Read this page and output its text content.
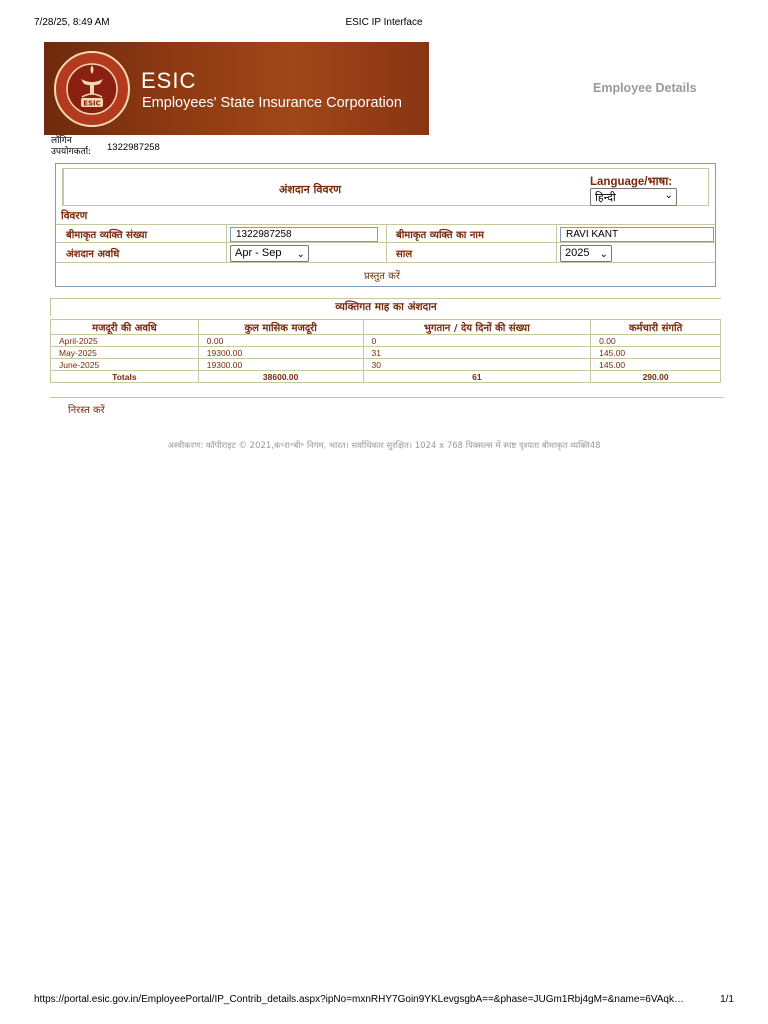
7/28/25, 8:49 AM	ESIC IP Interface
ESIC
ESIC
Employees' State Insurance Corporation
Employee Details
लॉगिन
उपयोगकर्ता: 1322987258
अंशदान विवरण
Language/भाषा:
हिन्दी	⌄
विवरण
बीमाकृत व्यक्ति संख्या	1322987258	बीमाकृत व्यक्ति का नाम	RAVI KANT
अंशदान अवधि	Apr - Sep ⌄	साल	2025 ⌄
प्रस्तुत करें
व्यक्तिगत माह का अंशदान
मजदूरी की अवधि	कुल मासिक मजदूरी	भुगतान / देय दिनों की संख्या	कर्मचारी संगति
April-2025	0.00	0	0.00
May-2025	19300.00	31	145.00
June-2025	19300.00	30	145.00
Totals	38600.00	61	290.00
निरस्त करें
अस्वीकरण: कॉपीराइट © 2021,क॰रा॰बी॰ निगम, भारत। सर्वाधिकार सुरक्षित। 1024 x 768 पिक्सल्स में स्पष्ट दृश्यता बीमाकृत व्यक्ति48
https://portal.esic.gov.in/EmployeePortal/IP_Contrib_details.aspx?ipNo=mxnRHY7Goin9YKLevgsgbA==&phase=JUGm1Rbj4gM=&name=6VAqk…	1/1
